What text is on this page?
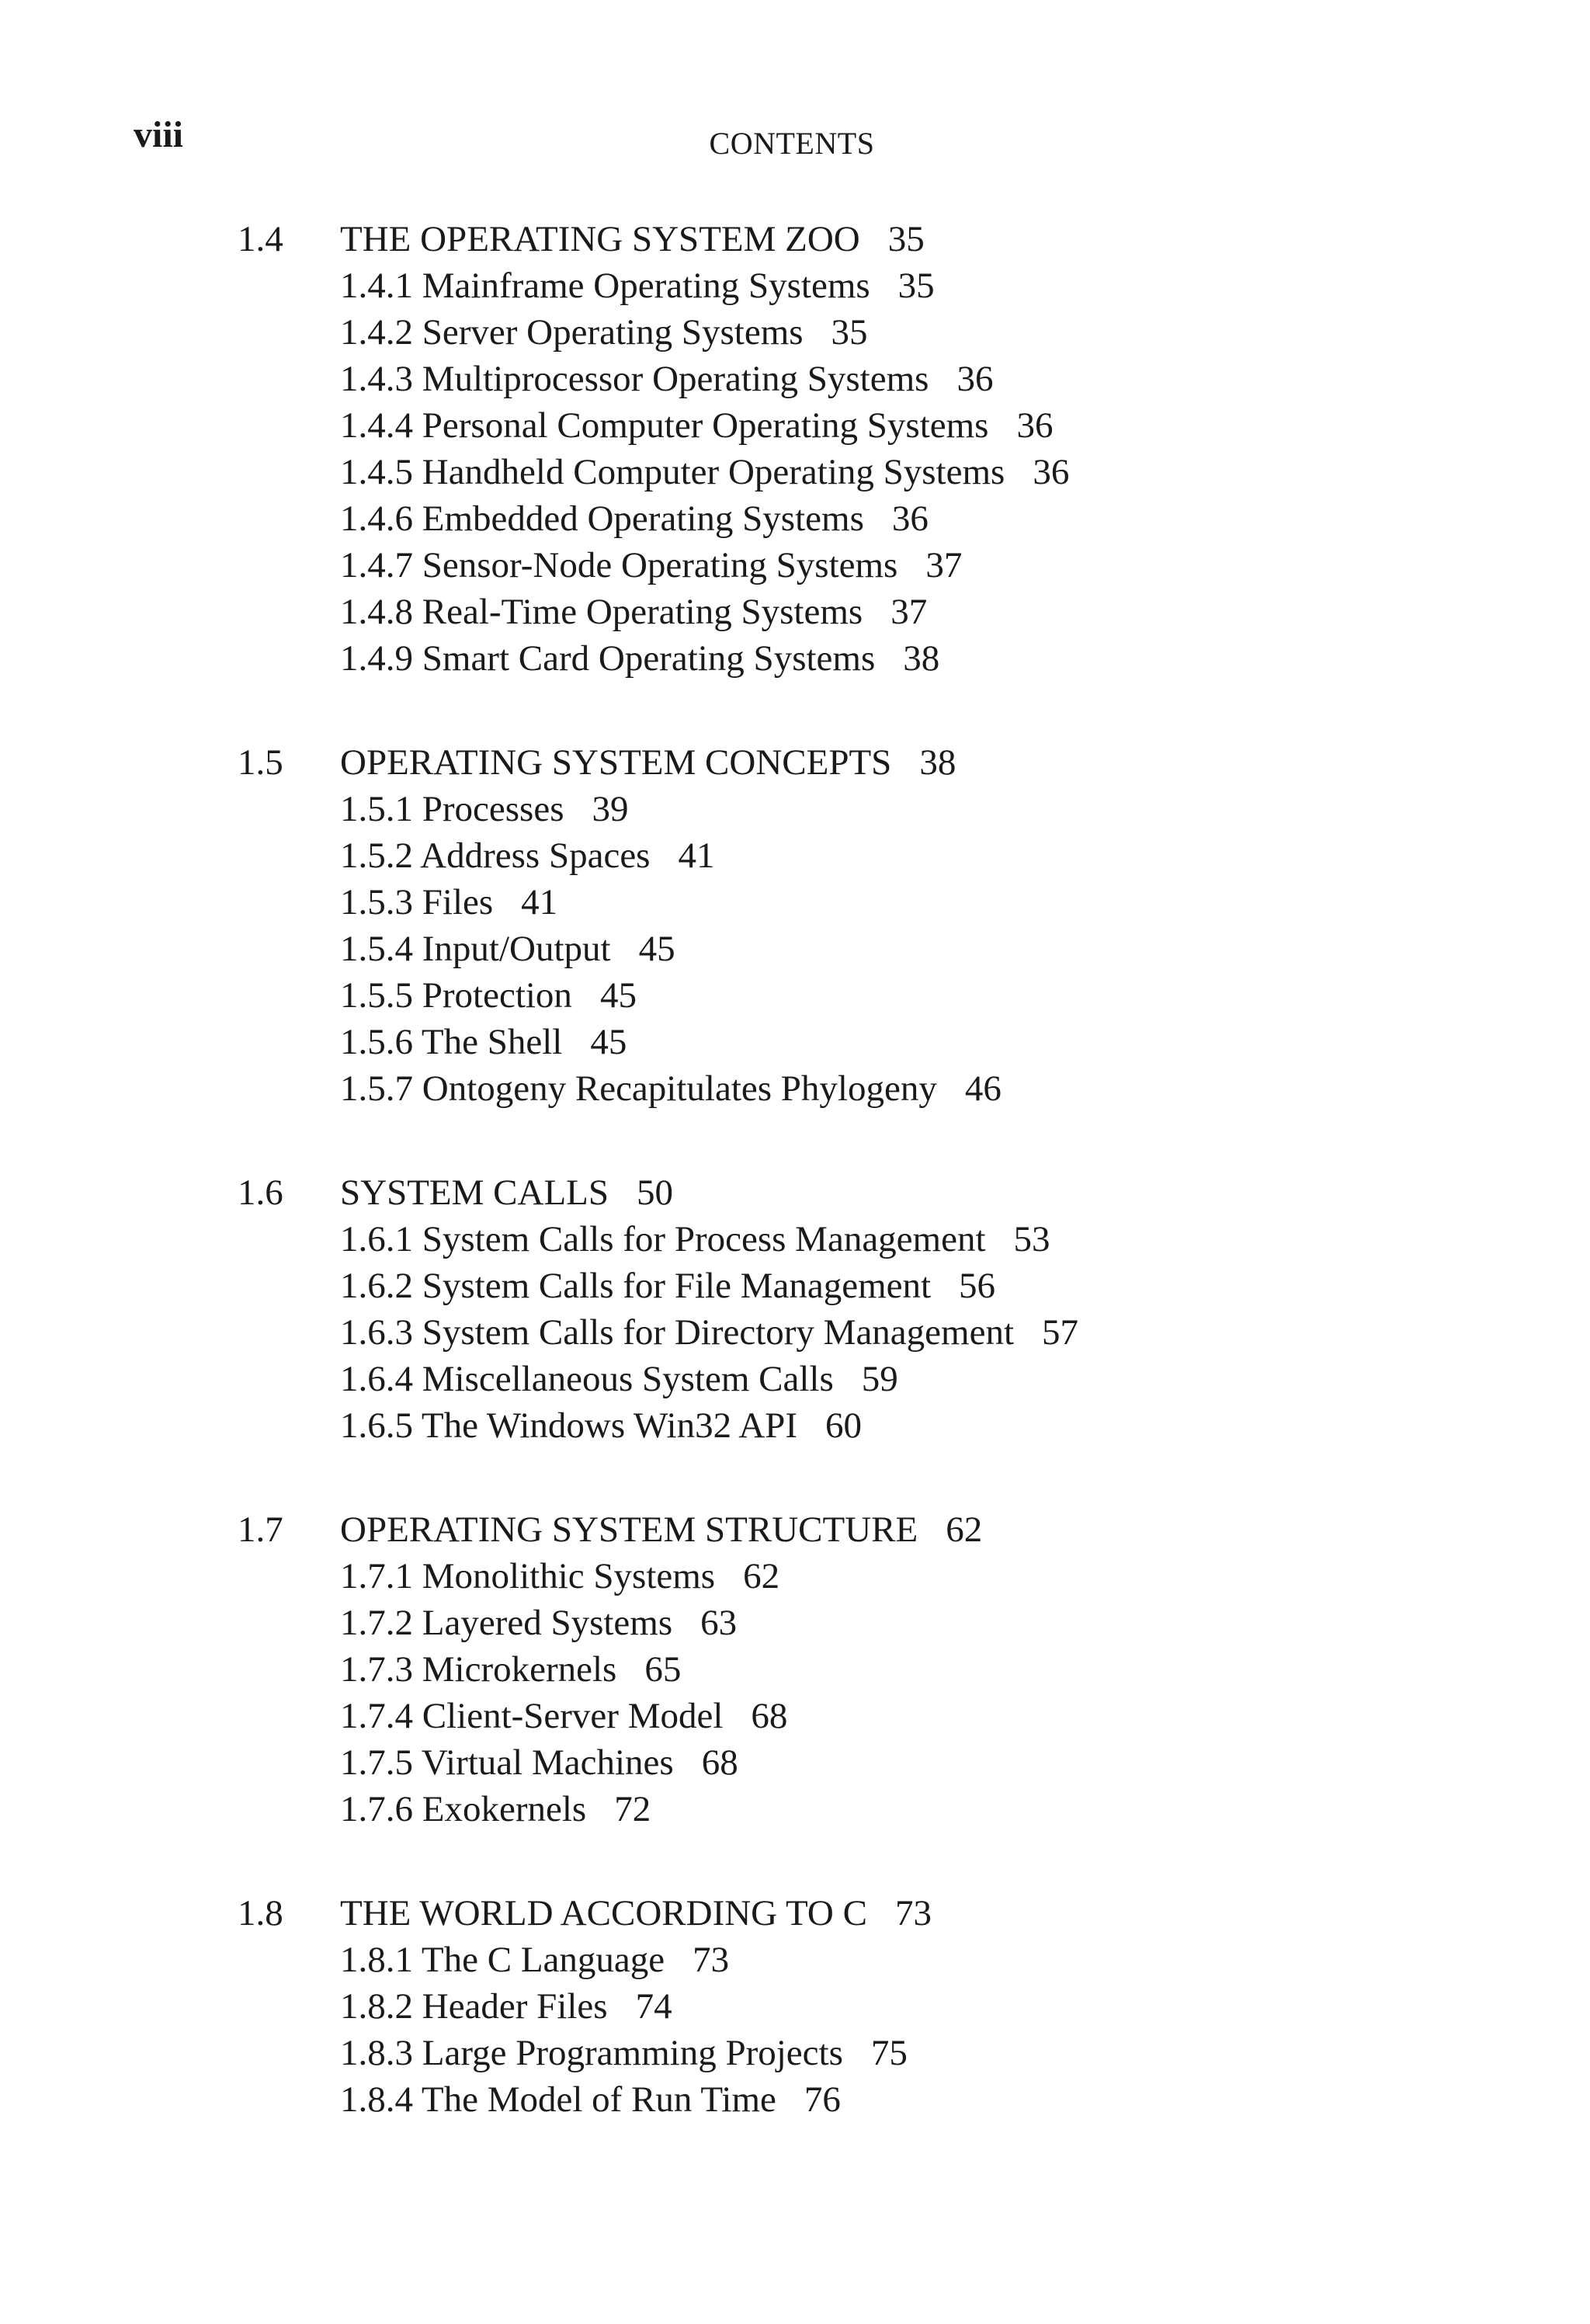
viii	CONTENTS
1.4	THE OPERATING SYSTEM ZOO 35
1.4.1 Mainframe Operating Systems 35
1.4.2 Server Operating Systems 35
1.4.3 Multiprocessor Operating Systems 36
1.4.4 Personal Computer Operating Systems 36
1.4.5 Handheld Computer Operating Systems 36
1.4.6 Embedded Operating Systems 36
1.4.7 Sensor-Node Operating Systems 37
1.4.8 Real-Time Operating Systems 37
1.4.9 Smart Card Operating Systems 38
1.5	OPERATING SYSTEM CONCEPTS 38
1.5.1 Processes 39
1.5.2 Address Spaces 41
1.5.3 Files 41
1.5.4 Input/Output 45
1.5.5 Protection 45
1.5.6 The Shell 45
1.5.7 Ontogeny Recapitulates Phylogeny 46
1.6	SYSTEM CALLS 50
1.6.1 System Calls for Process Management 53
1.6.2 System Calls for File Management 56
1.6.3 System Calls for Directory Management 57
1.6.4 Miscellaneous System Calls 59
1.6.5 The Windows Win32 API 60
1.7	OPERATING SYSTEM STRUCTURE 62
1.7.1 Monolithic Systems 62
1.7.2 Layered Systems 63
1.7.3 Microkernels 65
1.7.4 Client-Server Model 68
1.7.5 Virtual Machines 68
1.7.6 Exokernels 72
1.8	THE WORLD ACCORDING TO C 73
1.8.1 The C Language 73
1.8.2 Header Files 74
1.8.3 Large Programming Projects 75
1.8.4 The Model of Run Time 76
